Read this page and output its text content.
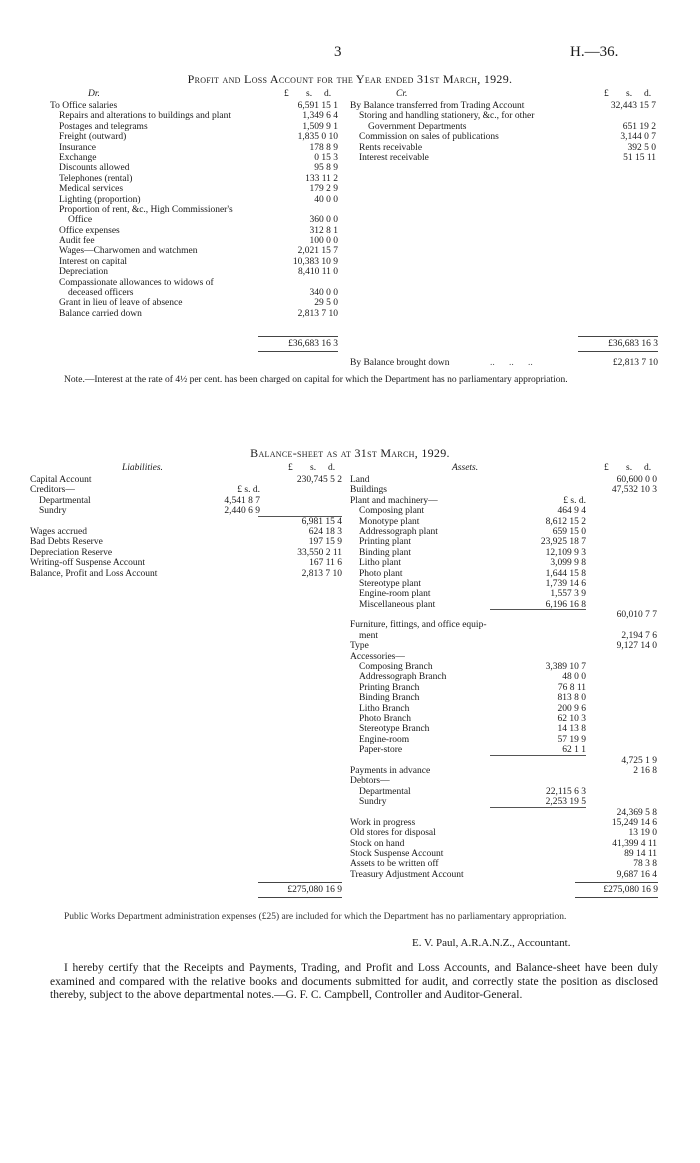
3	H.—36.
Profit and Loss Account for the Year ended 31st March, 1929.
Dr.	Cr.
£ s. d.	£ s. d.
To Office salaries	6,591 15 1
Repairs and alterations to buildings and plant	1,349 6 4
Postages and telegrams	1,509 9 1
Freight (outward)	1,835 0 10
Insurance	178 8 9
Exchange	0 15 3
Discounts allowed	95 8 9
Telephones (rental)	133 11 2
Medical services	179 2 9
Lighting (proportion)	40 0 0
Proportion of rent, &c., High Commissioner's
Office	360 0 0
Office expenses	312 8 1
Audit fee	100 0 0
Wages—Charwomen and watchmen	2,021 15 7
Interest on capital	10,383 10 9
Depreciation	8,410 11 0
Compassionate allowances to widows of
deceased officers	340 0 0
Grant in lieu of leave of absence	29 5 0
Balance carried down	2,813 7 10
By Balance transferred from Trading Account	32,443 15 7
Storing and handling stationery, &c., for other
Government Departments	651 19 2
Commission on sales of publications	3,144 0 7
Rents receivable	392 5 0
Interest receivable	51 15 11
£36,683 16 3	£36,683 16 3
By Balance brought down	..      ..      ..	£2,813 7 10
Note.—Interest at the rate of 4½ per cent. has been charged on capital for which the Department has no parliamentary appropriation.
Balance-sheet as at 31st March, 1929.
Liabilities.	Assets.
£ s. d.	£ s. d.
Capital Account	230,745 5 2
Creditors—	£ s. d.
Departmental	4,541 8 7
Sundry	2,440 6 9
6,981 15 4
Wages accrued	624 18 3
Bad Debts Reserve	197 15 9
Depreciation Reserve	33,550 2 11
Writing-off Suspense Account	167 11 6
Balance, Profit and Loss Account	2,813 7 10
Land	60,600 0 0
Buildings	47,532 10 3
Plant and machinery—	£ s. d.
Composing plant	464 9 4
Monotype plant	8,612 15 2
Addressograph plant	659 15 0
Printing plant	23,925 18 7
Binding plant	12,109 9 3
Litho plant	3,099 9 8
Photo plant	1,644 15 8
Stereotype plant	1,739 14 6
Engine-room plant	1,557 3 9
Miscellaneous plant	6,196 16 8
60,010 7 7
Furniture, fittings, and office equip-
ment	2,194 7 6
Type	9,127 14 0
Accessories—
Composing Branch	3,389 10 7
Addressograph Branch	48 0 0
Printing Branch	76 8 11
Binding Branch	813 8 0
Litho Branch	200 9 6
Photo Branch	62 10 3
Stereotype Branch	14 13 8
Engine-room	57 19 9
Paper-store	62 1 1
4,725 1 9
Payments in advance	2 16 8
Debtors—
Departmental	22,115 6 3
Sundry	2,253 19 5
24,369 5 8
Work in progress	15,249 14 6
Old stores for disposal	13 19 0
Stock on hand	41,399 4 11
Stock Suspense Account	89 14 11
Assets to be written off	78 3 8
Treasury Adjustment Account	9,687 16 4
£275,080 16 9	£275,080 16 9
Public Works Department administration expenses (£25) are included for which the Department has no parliamentary appropriation.
E. V. Paul, A.R.A.N.Z., Accountant.
I hereby certify that the Receipts and Payments, Trading, and Profit and Loss Accounts, and Balance-sheet have been duly examined and compared with the relative books and documents submitted for audit, and correctly state the position as disclosed thereby, subject to the above departmental notes.—G. F. C. Campbell, Controller and Auditor-General.
